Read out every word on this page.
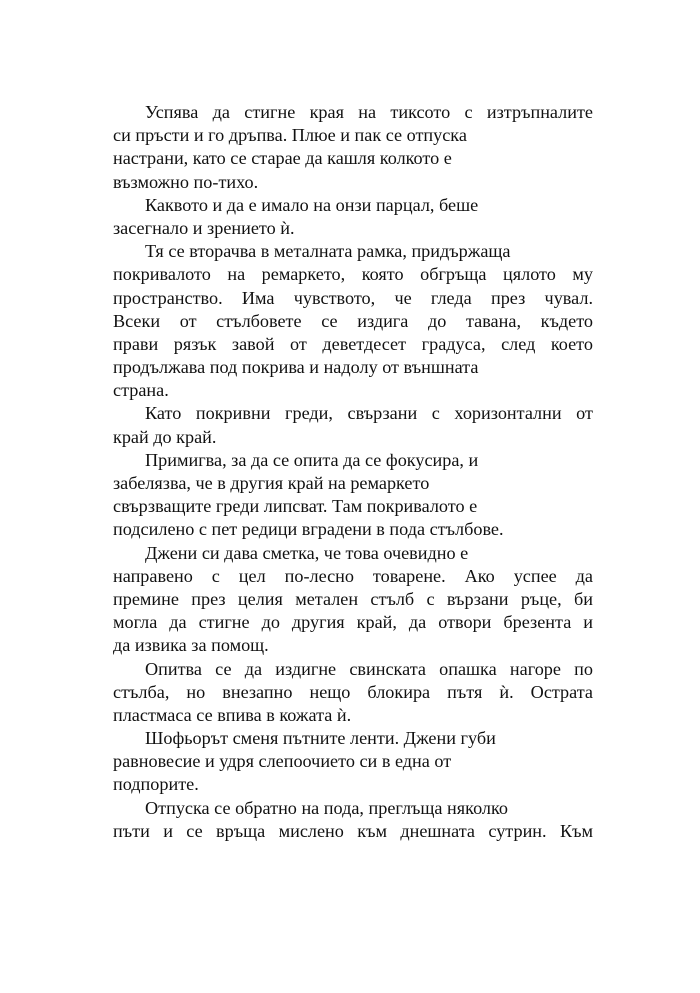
Успява да стигне края на тиксото с изтръпналите
си пръсти и го дръпва. Плюе и пак се отпуска
настрани, като се старае да кашля колкото е
възможно по-тихо.
Каквото и да е имало на онзи парцал, беше
засегнало и зрението ѝ.
Тя се вторачва в металната рамка, придържаща
покривалото на ремаркето, която обгръща цялото му
пространство. Има чувството, че гледа през чувал.
Всеки от стълбовете се издига до тавана, където
прави рязък завой от деветдесет градуса, след което
продължава под покрива и надолу от външната
страна.
Като покривни греди, свързани с хоризонтални от
край до край.
Примигва, за да се опита да се фокусира, и
забелязва, че в другия край на ремаркето
свързващите греди липсват. Там покривалото е
подсилено с пет редици вградени в пода стълбове.
Джени си дава сметка, че това очевидно е
направено с цел по-лесно товарене. Ако успее да
премине през целия метален стълб с вързани ръце, би
могла да стигне до другия край, да отвори брезента и
да извика за помощ.
Опитва се да издигне свинската опашка нагоре по
стълба, но внезапно нещо блокира пътя ѝ. Острата
пластмаса се впива в кожата ѝ.
Шофьорът сменя пътните ленти. Джени губи
равновесие и удря слепоочието си в една от
подпорите.
Отпуска се обратно на пода, преглъща няколко
пъти и се връща мислено към днешната сутрин. Към
